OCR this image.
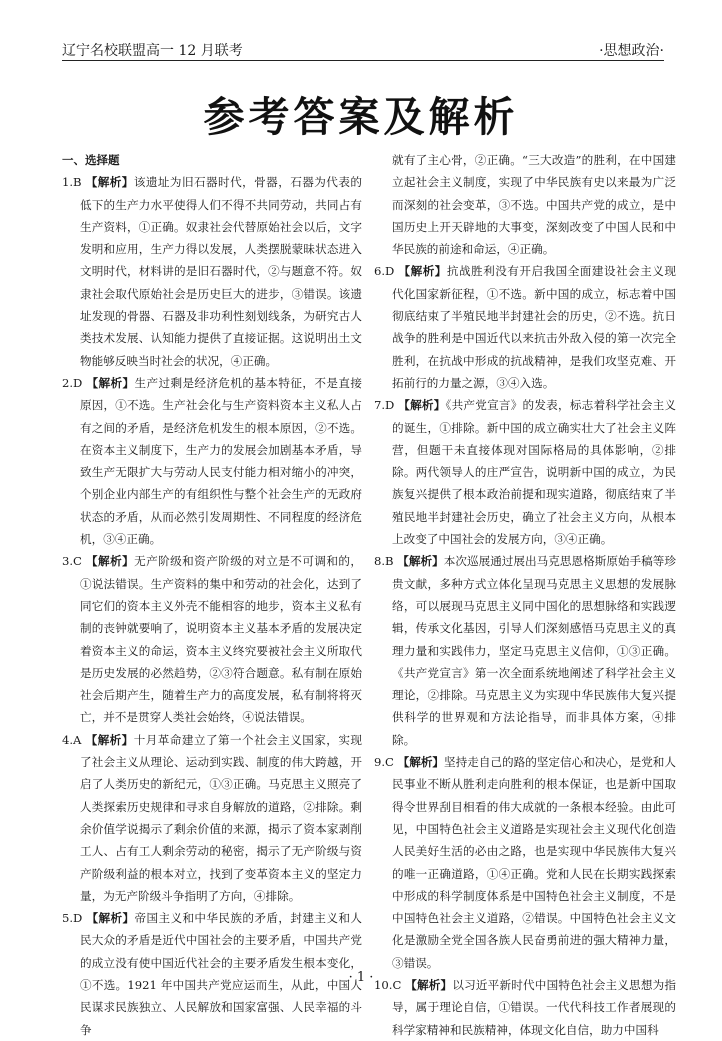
辽宁名校联盟高一 12 月联考	·思想政治·
参考答案及解析
一、选择题
1.B 【解析】该遗址为旧石器时代，骨器，石器为代表的低下的生产力水平使得人们不得不共同劳动，共同占有生产资料，①正确。奴隶社会代替原始社会以后，文字发明和应用，生产力得以发展，人类摆脱蒙昧状态进入文明时代，材料讲的是旧石器时代，②与题意不符。奴隶社会取代原始社会是历史巨大的进步，③错误。该遗址发现的骨器、石器及非功利性刻划线条，为研究古人类技术发展、认知能力提供了直接证据。这说明出土文物能够反映当时社会的状况，④正确。
2.D 【解析】生产过剩是经济危机的基本特征，不是直接原因，①不选。生产社会化与生产资料资本主义私人占有之间的矛盾，是经济危机发生的根本原因，②不选。在资本主义制度下，生产力的发展会加剧基本矛盾，导致生产无限扩大与劳动人民支付能力相对缩小的冲突，个别企业内部生产的有组织性与整个社会生产的无政府状态的矛盾，从而必然引发周期性、不同程度的经济危机，③④正确。
3.C 【解析】无产阶级和资产阶级的对立是不可调和的，①说法错误。生产资料的集中和劳动的社会化，达到了同它们的资本主义外壳不能相容的地步，资本主义私有制的丧钟就要响了，说明资本主义基本矛盾的发展决定着资本主义的命运，资本主义终究要被社会主义所取代是历史发展的必然趋势，②③符合题意。私有制在原始社会后期产生，随着生产力的高度发展，私有制将将灭亡，并不是贯穿人类社会始终，④说法错误。
4.A 【解析】十月革命建立了第一个社会主义国家，实现了社会主义从理论、运动到实践、制度的伟大跨越，开启了人类历史的新纪元，①③正确。马克思主义照亮了人类探索历史规律和寻求自身解放的道路，②排除。剩余价值学说揭示了剩余价值的来源，揭示了资本家剥削工人、占有工人剩余劳动的秘密，揭示了无产阶级与资产阶级利益的根本对立，找到了变革资本主义的坚定力量，为无产阶级斗争指明了方向，④排除。
5.D 【解析】帝国主义和中华民族的矛盾，封建主义和人民大众的矛盾是近代中国社会的主要矛盾，中国共产党的成立没有使中国近代社会的主要矛盾发生根本变化，①不选。1921 年中国共产党应运而生，从此，中国人民谋求民族独立、人民解放和国家富强、人民幸福的斗争
就有了主心骨，②正确。“三大改造”的胜利，在中国建立起社会主义制度，实现了中华民族有史以来最为广泛而深刻的社会变革，③不选。中国共产党的成立，是中国历史上开天辟地的大事变，深刻改变了中国人民和中华民族的前途和命运，④正确。
6.D 【解析】抗战胜利没有开启我国全面建设社会主义现代化国家新征程，①不选。新中国的成立，标志着中国彻底结束了半殖民地半封建社会的历史，②不选。抗日战争的胜利是中国近代以来抗击外敌入侵的第一次完全胜利，在抗战中形成的抗战精神，是我们攻坚克难、开拓前行的力量之源，③④入选。
7.D 【解析】《共产党宣言》的发表，标志着科学社会主义的诞生，①排除。新中国的成立确实壮大了社会主义阵营，但题干未直接体现对国际格局的具体影响，②排除。两代领导人的庄严宣告，说明新中国的成立，为民族复兴提供了根本政治前提和现实道路，彻底结束了半殖民地半封建社会历史，确立了社会主义方向，从根本上改变了中国社会的发展方向，③④正确。
8.B 【解析】本次巡展通过展出马克思恩格斯原始手稿等珍贵文献，多种方式立体化呈现马克思主义思想的发展脉络，可以展现马克思主义同中国化的思想脉络和实践逻辑，传承文化基因，引导人们深刻感悟马克思主义的真理力量和实践伟力，坚定马克思主义信仰，①③正确。《共产党宣言》第一次全面系统地阐述了科学社会主义理论，②排除。马克思主义为实现中华民族伟大复兴提供科学的世界观和方法论指导，而非具体方案，④排除。
9.C 【解析】坚持走自己的路的坚定信心和决心，是党和人民事业不断从胜利走向胜利的根本保证，也是新中国取得令世界刮目相看的伟大成就的一条根本经验。由此可见，中国特色社会主义道路是实现社会主义现代化创造人民美好生活的必由之路，也是实现中华民族伟大复兴的唯一正确道路，①④正确。党和人民在长期实践探索中形成的科学制度体系是中国特色社会主义制度，不是中国特色社会主义道路，②错误。中国特色社会主义文化是激励全党全国各族人民奋勇前进的强大精神力量，③错误。
10.C 【解析】以习近平新时代中国特色社会主义思想为指导，属于理论自信，①错误。一代代科技工作者展现的科学家精神和民族精神，体现文化自信，助力中国科
· 1 ·
